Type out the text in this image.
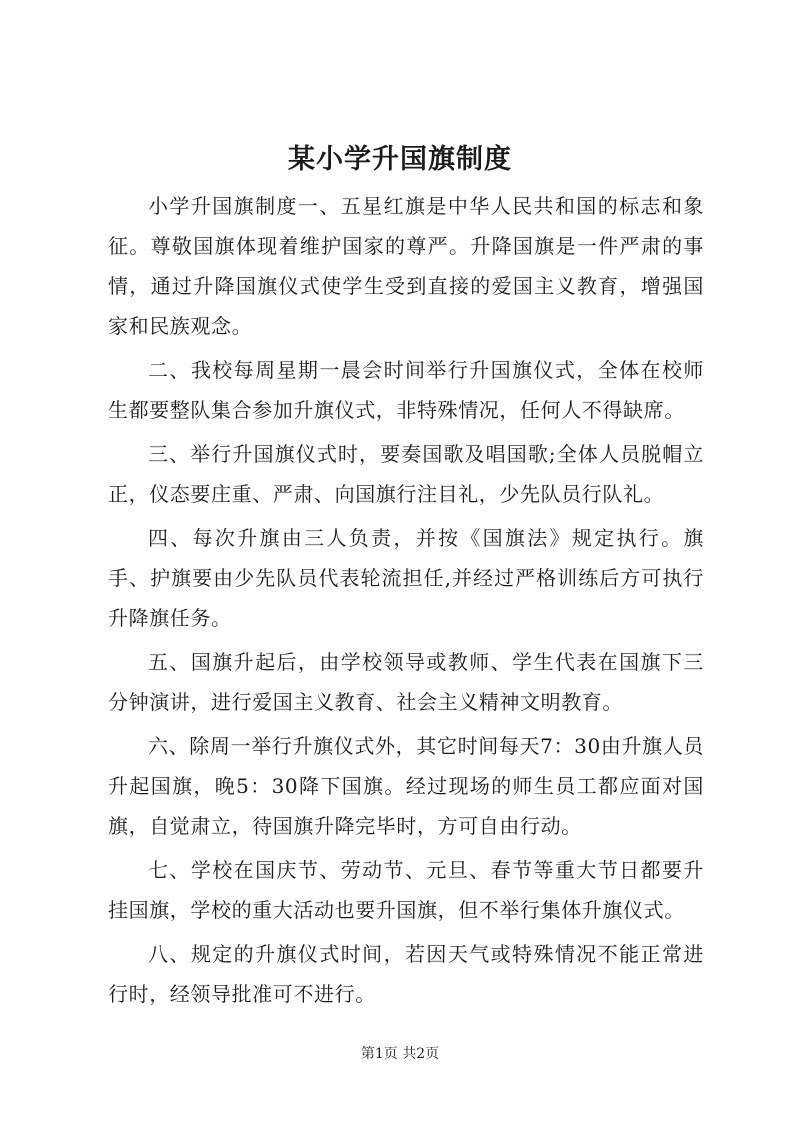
某小学升国旗制度

小学升国旗制度一、五星红旗是中华人民共和国的标志和象征。尊敬国旗体现着维护国家的尊严。升降国旗是一件严肃的事情，通过升降国旗仪式使学生受到直接的爱国主义教育，增强国家和民族观念。

二、我校每周星期一晨会时间举行升国旗仪式，全体在校师生都要整队集合参加升旗仪式，非特殊情况，任何人不得缺席。

三、举行升国旗仪式时，要奏国歌及唱国歌;全体人员脱帽立正，仪态要庄重、严肃、向国旗行注目礼，少先队员行队礼。

四、每次升旗由三人负责，并按《国旗法》规定执行。旗手、护旗要由少先队员代表轮流担任,并经过严格训练后方可执行升降旗任务。

五、国旗升起后，由学校领导或教师、学生代表在国旗下三分钟演讲，进行爱国主义教育、社会主义精神文明教育。

六、除周一举行升旗仪式外，其它时间每天7：30由升旗人员升起国旗，晚5：30降下国旗。经过现场的师生员工都应面对国旗，自觉肃立，待国旗升降完毕时，方可自由行动。

七、学校在国庆节、劳动节、元旦、春节等重大节日都要升挂国旗，学校的重大活动也要升国旗，但不举行集体升旗仪式。

八、规定的升旗仪式时间，若因天气或特殊情况不能正常进行时，经领导批准可不进行。

第1页 共2页
